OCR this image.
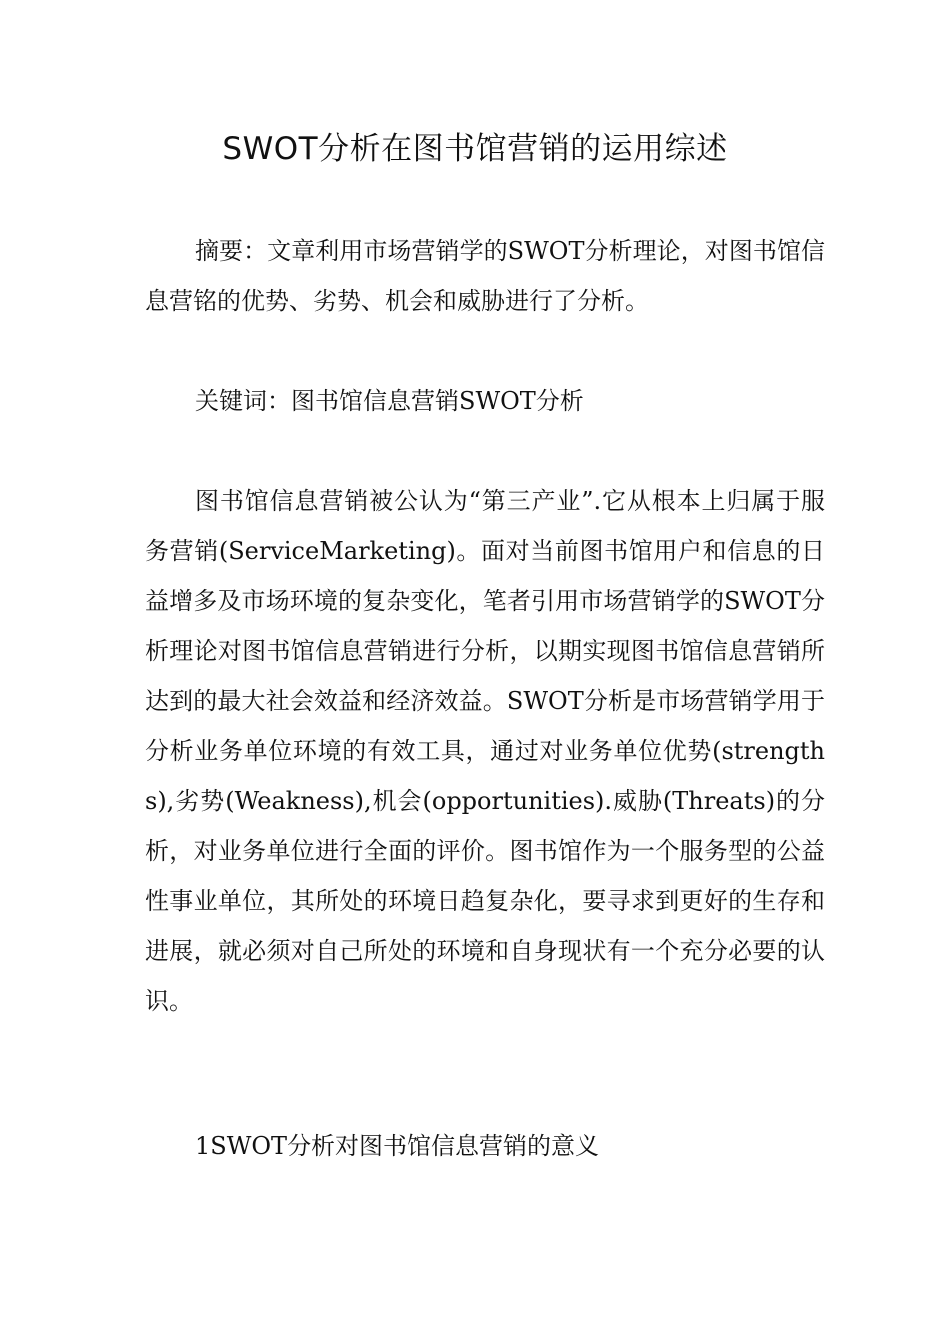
SWOT分析在图书馆营销的运用综述

摘要：文章利用市场营销学的SWOT分析理论，对图书馆信息营铭的优势、劣势、机会和威胁进行了分析。

关键词：图书馆信息营销SWOT分析

图书馆信息营销被公认为“第三产业”.它从根本上归属于服务营销(ServiceMarketing)。面对当前图书馆用户和信息的日益增多及市场环境的复杂变化，笔者引用市场营销学的SWOT分析理论对图书馆信息营销进行分析，以期实现图书馆信息营销所达到的最大社会效益和经济效益。SWOT分析是市场营销学用于分析业务单位环境的有效工具，通过对业务单位优势(strengths),劣势(Weakness),机会(opportunities).威胁(Threats)的分析，对业务单位进行全面的评价。图书馆作为一个服务型的公益性事业单位，其所处的环境日趋复杂化，要寻求到更好的生存和进展，就必须对自己所处的环境和自身现状有一个充分必要的认识。

1SWOT分析对图书馆信息营销的意义
